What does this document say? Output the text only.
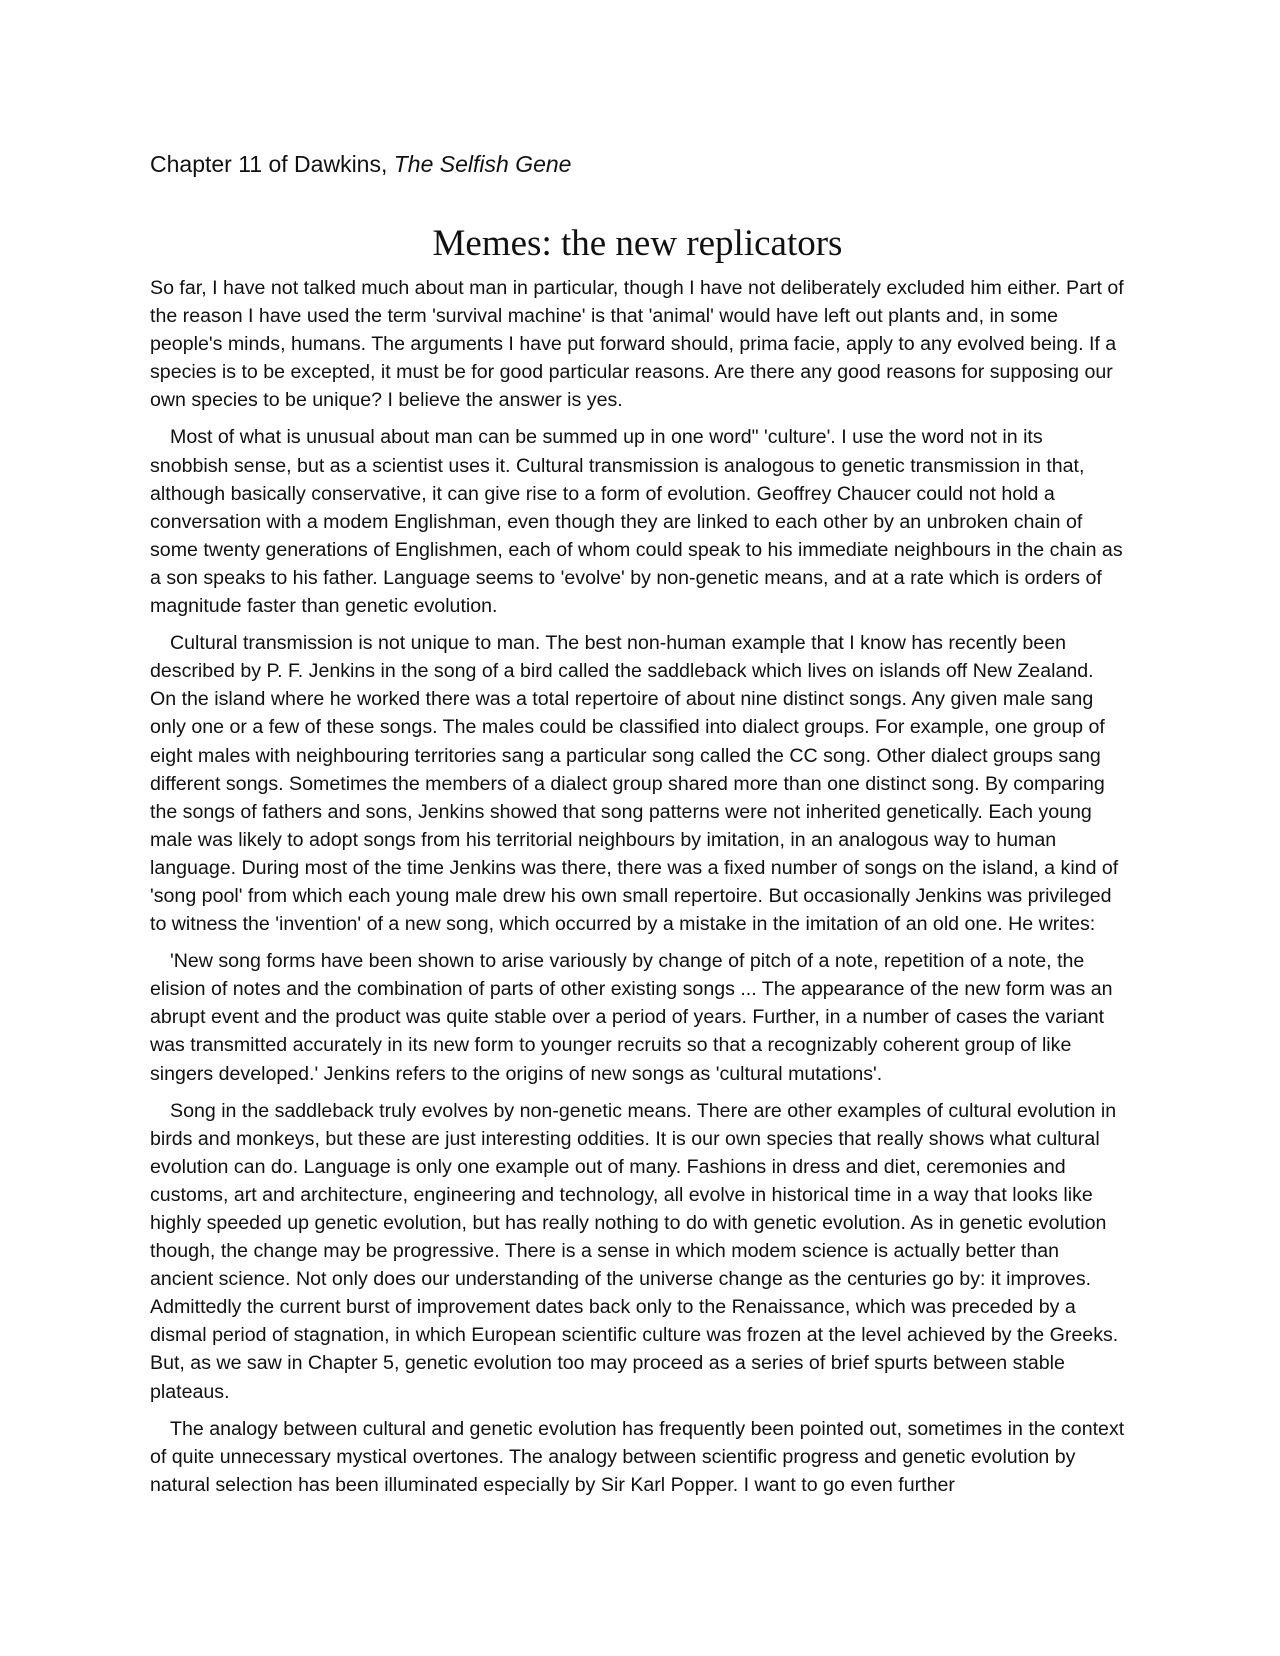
Chapter 11 of Dawkins, The Selfish Gene
Memes: the new replicators

So far, I have not talked much about man in particular, though I have not deliberately excluded him either. Part of the reason I have used the term 'survival machine' is that 'animal' would have left out plants and, in some people's minds, humans. The arguments I have put forward should, prima facie, apply to any evolved being. If a species is to be excepted, it must be for good particular reasons. Are there any good reasons for supposing our own species to be unique? I believe the answer is yes.

Most of what is unusual about man can be summed up in one word" 'culture'. I use the word not in its snobbish sense, but as a scientist uses it. Cultural transmission is analogous to genetic transmission in that, although basically conservative, it can give rise to a form of evolution. Geoffrey Chaucer could not hold a conversation with a modem Englishman, even though they are linked to each other by an unbroken chain of some twenty generations of Englishmen, each of whom could speak to his immediate neighbours in the chain as a son speaks to his father. Language seems to 'evolve' by non-genetic means, and at a rate which is orders of magnitude faster than genetic evolution.

Cultural transmission is not unique to man. The best non-human example that I know has recently been described by P. F. Jenkins in the song of a bird called the saddleback which lives on islands off New Zealand. On the island where he worked there was a total repertoire of about nine distinct songs. Any given male sang only one or a few of these songs. The males could be classified into dialect groups. For example, one group of eight males with neighbouring territories sang a particular song called the CC song. Other dialect groups sang different songs. Sometimes the members of a dialect group shared more than one distinct song. By comparing the songs of fathers and sons, Jenkins showed that song patterns were not inherited genetically. Each young male was likely to adopt songs from his territorial neighbours by imitation, in an analogous way to human language. During most of the time Jenkins was there, there was a fixed number of songs on the island, a kind of 'song pool' from which each young male drew his own small repertoire. But occasionally Jenkins was privileged to witness the 'invention' of a new song, which occurred by a mistake in the imitation of an old one. He writes:

'New song forms have been shown to arise variously by change of pitch of a note, repetition of a note, the elision of notes and the combination of parts of other existing songs ... The appearance of the new form was an abrupt event and the product was quite stable over a period of years. Further, in a number of cases the variant was transmitted accurately in its new form to younger recruits so that a recognizably coherent group of like singers developed.' Jenkins refers to the origins of new songs as 'cultural mutations'.

Song in the saddleback truly evolves by non-genetic means. There are other examples of cultural evolution in birds and monkeys, but these are just interesting oddities. It is our own species that really shows what cultural evolution can do. Language is only one example out of many. Fashions in dress and diet, ceremonies and customs, art and architecture, engineering and technology, all evolve in historical time in a way that looks like highly speeded up genetic evolution, but has really nothing to do with genetic evolution. As in genetic evolution though, the change may be progressive. There is a sense in which modem science is actually better than ancient science. Not only does our understanding of the universe change as the centuries go by: it improves. Admittedly the current burst of improvement dates back only to the Renaissance, which was preceded by a dismal period of stagnation, in which European scientific culture was frozen at the level achieved by the Greeks. But, as we saw in Chapter 5, genetic evolution too may proceed as a series of brief spurts between stable plateaus.

The analogy between cultural and genetic evolution has frequently been pointed out, sometimes in the context of quite unnecessary mystical overtones. The analogy between scientific progress and genetic evolution by natural selection has been illuminated especially by Sir Karl Popper. I want to go even further
